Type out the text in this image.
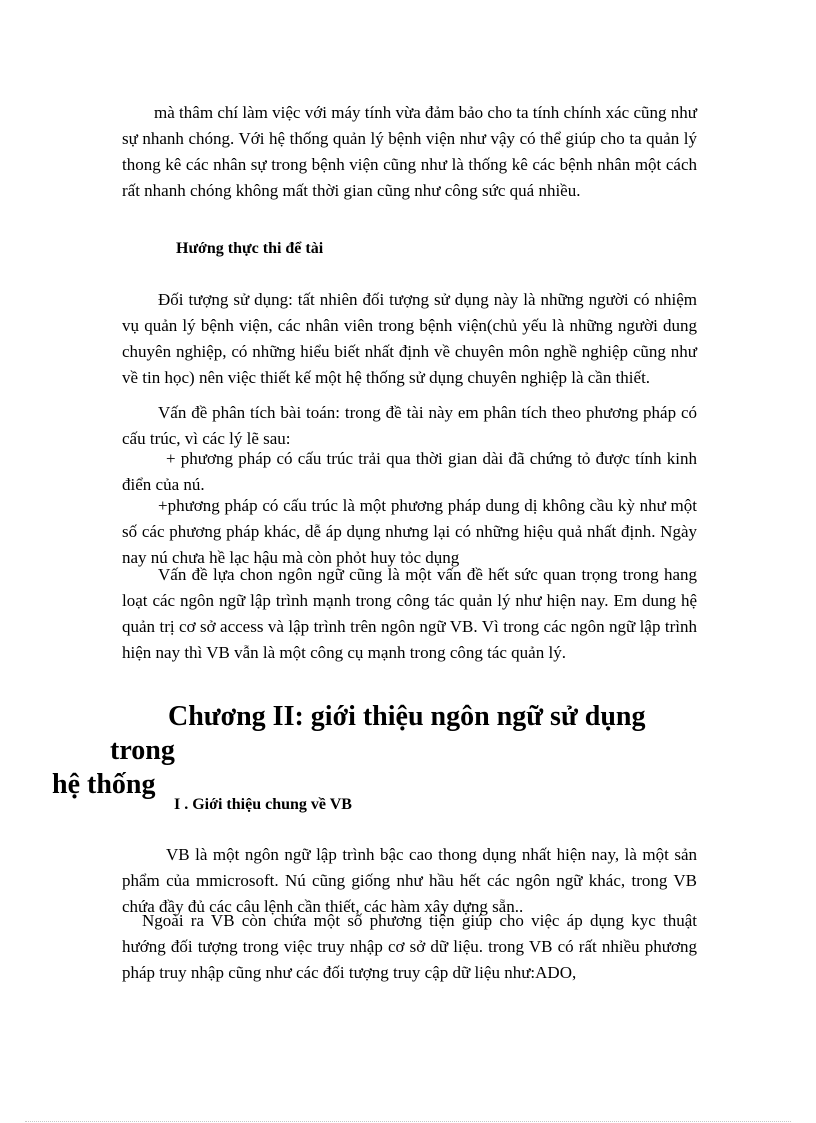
mà thâm chí làm việc với máy tính vừa đảm bảo cho ta tính chính xác cũng như sự nhanh chóng. Với hệ thống quản lý bệnh viện như vậy có thể giúp cho ta quản lý thong kê các nhân sự trong bệnh viện cũng như là thống kê các bệnh nhân một cách rất nhanh chóng không mất thời gian cũng như công sức quá nhiều.

Hướng thực thi để tài

Đối tượng sử dụng: tất nhiên đối tượng sử dụng này là những người có nhiệm vụ quản lý bệnh viện, các nhân viên trong bệnh viện(chủ yếu là những người dung chuyên nghiệp, có những hiểu biết nhất định về chuyên môn nghề nghiệp cũng như về tin học) nên việc thiết kế một hệ thống sử dụng chuyên nghiệp là cần thiết.

Vấn đề phân tích bài toán: trong đề tài này em phân tích theo phương pháp có cấu trúc, vì các lý lẽ sau:

+ phương pháp có cấu trúc trải qua thời gian dài đã chứng tỏ được tính kinh điển của nú.

+phương pháp có cấu trúc là một phương pháp dung dị không cầu kỳ như một số các phương pháp khác, dễ áp dụng nhưng lại có những hiệu quả nhất định. Ngày nay nú chưa hề lạc hậu mà còn phỏt huy tỏc dụng

Vấn đề lựa chon ngôn ngữ cũng là một vấn đề hết sức quan trọng trong hang loạt các ngôn ngữ lập trình mạnh trong công tác quản lý như hiện nay. Em dung hệ quản trị cơ sở access và lập trình trên ngôn ngữ VB. Vì trong các ngôn ngữ lập trình hiện nay thì VB vẫn là một công cụ mạnh trong công tác quản lý.

Chương II: giới thiệu ngôn ngữ sử dụng trong
hệ thống

I . Giới thiệu chung về VB

VB là một ngôn ngữ lập trình bậc cao thong dụng nhất hiện nay, là một sản phẩm của mmicrosoft. Nú cũng giống như hầu hết các ngôn ngữ khác, trong VB chứa đầy đủ các câu lệnh cần thiết, các hàm xây dựng sẵn..

Ngoài ra VB còn chứa một số phương tiện giúp cho việc áp dụng kyc thuật hướng đối tượng trong việc truy nhập cơ sở dữ liệu. trong VB có rất nhiều phương pháp truy nhập cũng như các đối tượng truy cập dữ liệu như:ADO,
